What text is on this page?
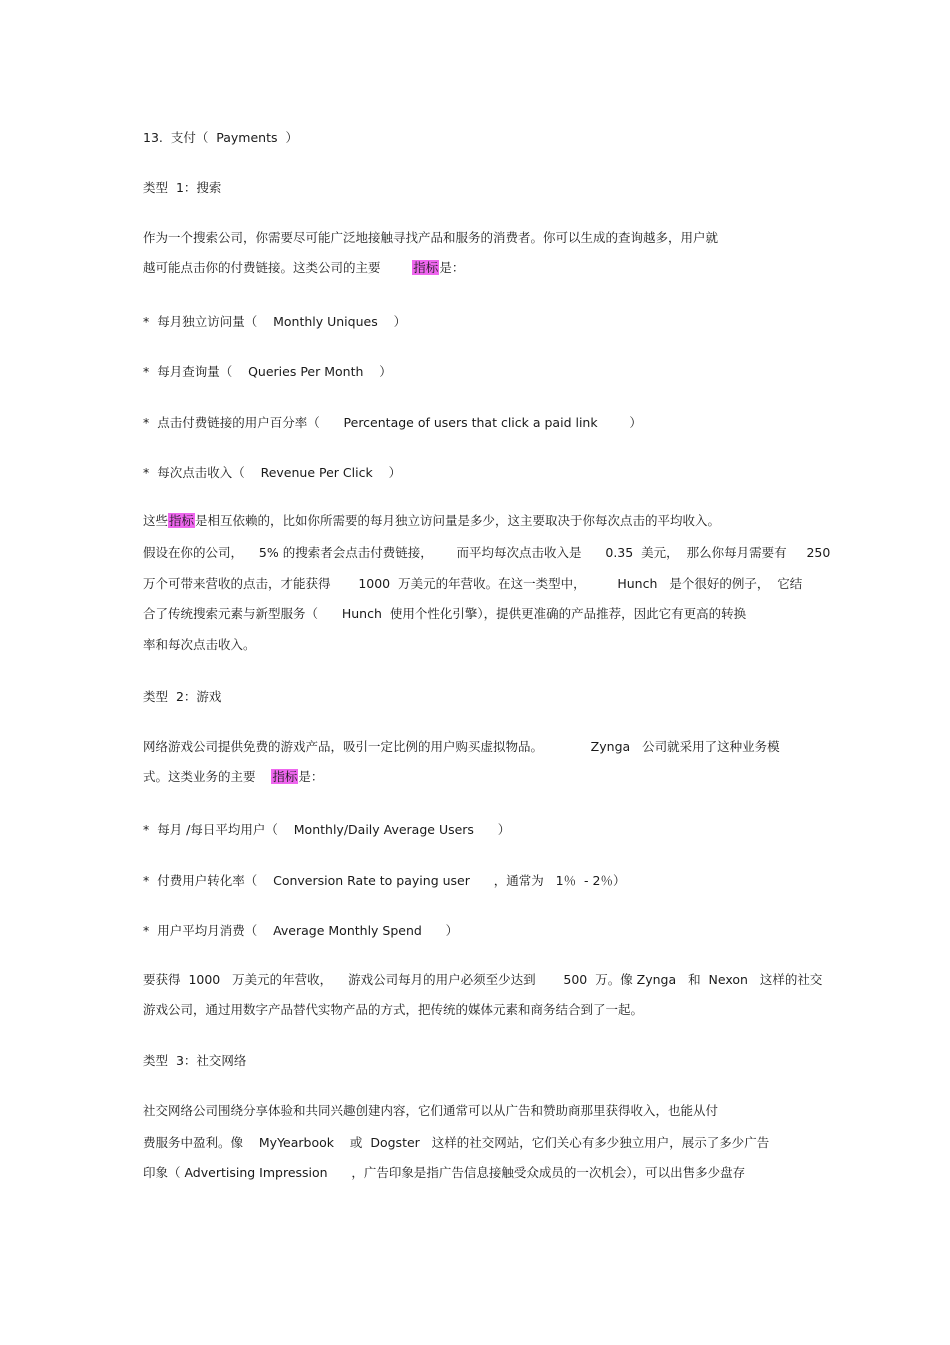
13.  支付（  Payments  ）
类型  1：搜索
作为一个搜索公司，你需要尽可能广泛地接触寻找产品和服务的消费者。你可以生成的查询越多，用户就
越可能点击你的付费链接。这类公司的主要        指标是：
*  每月独立访问量（    Monthly Uniques    ）
*  每月查询量（    Queries Per Month    ）
*  点击付费链接的用户百分率（      Percentage of users that click a paid link        ）
*  每次点击收入（    Revenue Per Click    ）
这些指标是相互依赖的，比如你所需要的每月独立访问量是多少，这主要取决于你每次点击的平均收入。
假设在你的公司，    5% 的搜索者会点击付费链接，      而平均每次点击收入是      0.35  美元，  那么你每月需要有     250
万个可带来营收的点击，才能获得       1000  万美元的年营收。在这一类型中，        Hunch   是个很好的例子，  它结
合了传统搜索元素与新型服务（      Hunch  使用个性化引擎），提供更准确的产品推荐，因此它有更高的转换
率和每次点击收入。
类型  2：游戏
网络游戏公司提供免费的游戏产品，吸引一定比例的用户购买虚拟物品。            Zynga   公司就采用了这种业务模
式。这类业务的主要    指标是：
*  每月 /每日平均用户（    Monthly/Daily Average Users      ）
*  付费用户转化率（    Conversion Rate to paying user      ，通常为   1％  - 2％）
*  用户平均月消费（    Average Monthly Spend      ）
要获得  1000   万美元的年营收，    游戏公司每月的用户必须至少达到       500  万。像 Zynga   和  Nexon   这样的社交
游戏公司，通过用数字产品替代实物产品的方式，把传统的媒体元素和商务结合到了一起。
类型  3：社交网络
社交网络公司围绕分享体验和共同兴趣创建内容，它们通常可以从广告和赞助商那里获得收入，也能从付
费服务中盈利。像    MyYearbook    或  Dogster   这样的社交网站，它们关心有多少独立用户，展示了多少广告
印象（ Advertising Impression      ，广告印象是指广告信息接触受众成员的一次机会），可以出售多少盘存
